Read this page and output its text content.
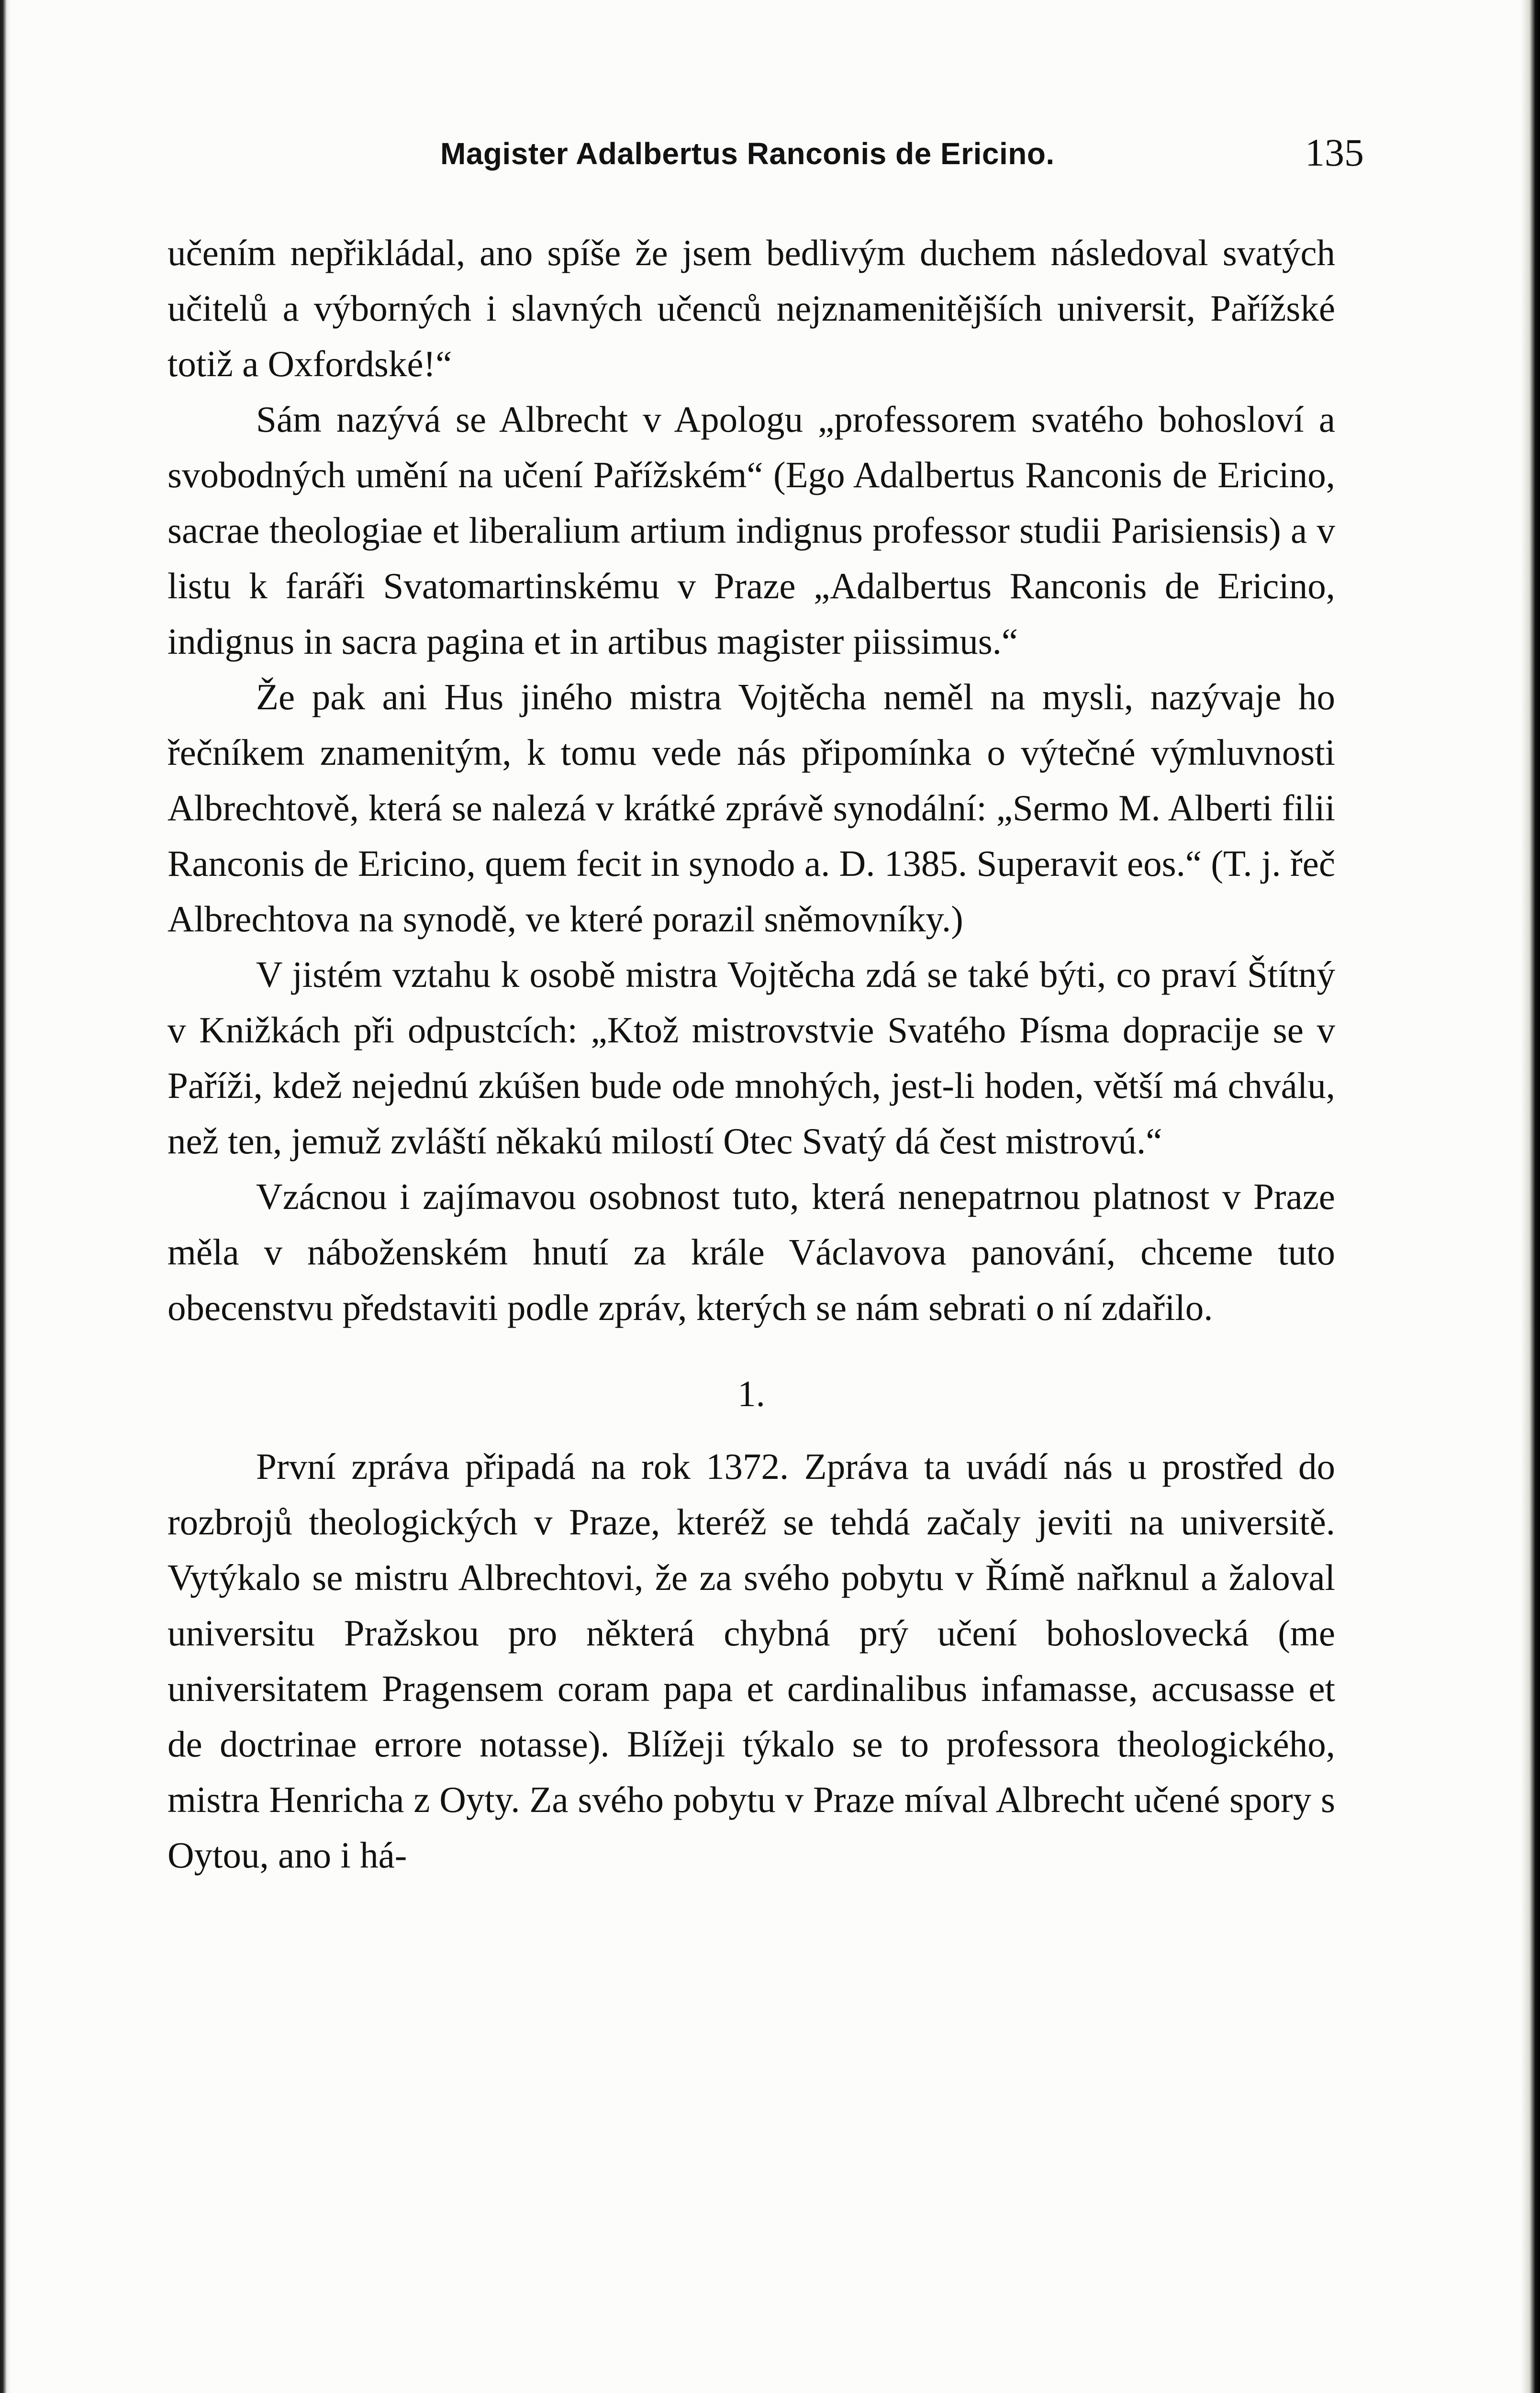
Magister Adalbertus Ranconis de Ericino.	135

učením nepřikládal, ano spíše že jsem bedlivým duchem následoval svatých učitelů a výborných i slavných učenců nejznamenitějších universit, Pařížské totiž a Oxfordské!“

Sám nazývá se Albrecht v Apologu „professorem svatého bohosloví a svobodných umění na učení Pařížském“ (Ego Adalbertus Ranconis de Ericino, sacrae theologiae et liberalium artium indignus professor studii Parisiensis) a v listu k faráři Svatomartinskému v Praze „Adalbertus Ranconis de Ericino, indignus in sacra pagina et in artibus magister piissimus.“

Že pak ani Hus jiného mistra Vojtěcha neměl na mysli, nazývaje ho řečníkem znamenitým, k tomu vede nás připomínka o výtečné výmluvnosti Albrechtově, která se nalezá v krátké zprávě synodální: „Sermo M. Alberti filii Ranconis de Ericino, quem fecit in synodo a. D. 1385. Superavit eos.“ (T. j. řeč Albrechtova na synodě, ve které porazil sněmovníky.)

V jistém vztahu k osobě mistra Vojtěcha zdá se také býti, co praví Štítný v Knižkách při odpustcích: „Ktož mistrovstvie Svatého Písma dopracije se v Paříži, kdež nejednú zkúšen bude ode mnohých, jest-li hoden, větší má chválu, než ten, jemuž zvláští někakú milostí Otec Svatý dá čest mistrovú.“

Vzácnou i zajímavou osobnost tuto, která nenepatrnou platnost v Praze měla v náboženském hnutí za krále Václavova panování, chceme tuto obecenstvu představiti podle zpráv, kterých se nám sebrati o ní zdařilo.

1.

První zpráva připadá na rok 1372. Zpráva ta uvádí nás u prostřed do rozbrojů theologických v Praze, kteréž se tehdá začaly jeviti na universitě. Vytýkalo se mistru Albrechtovi, že za svého pobytu v Římě nařknul a žaloval universitu Pražskou pro některá chybná prý učení bohoslovecká (me universitatem Pragensem coram papa et cardinalibus infamasse, accusasse et de doctrinae errore notasse). Blížeji týkalo se to professora theologického, mistra Henricha z Oyty. Za svého pobytu v Praze míval Albrecht učené spory s Oytou, ano i há-
